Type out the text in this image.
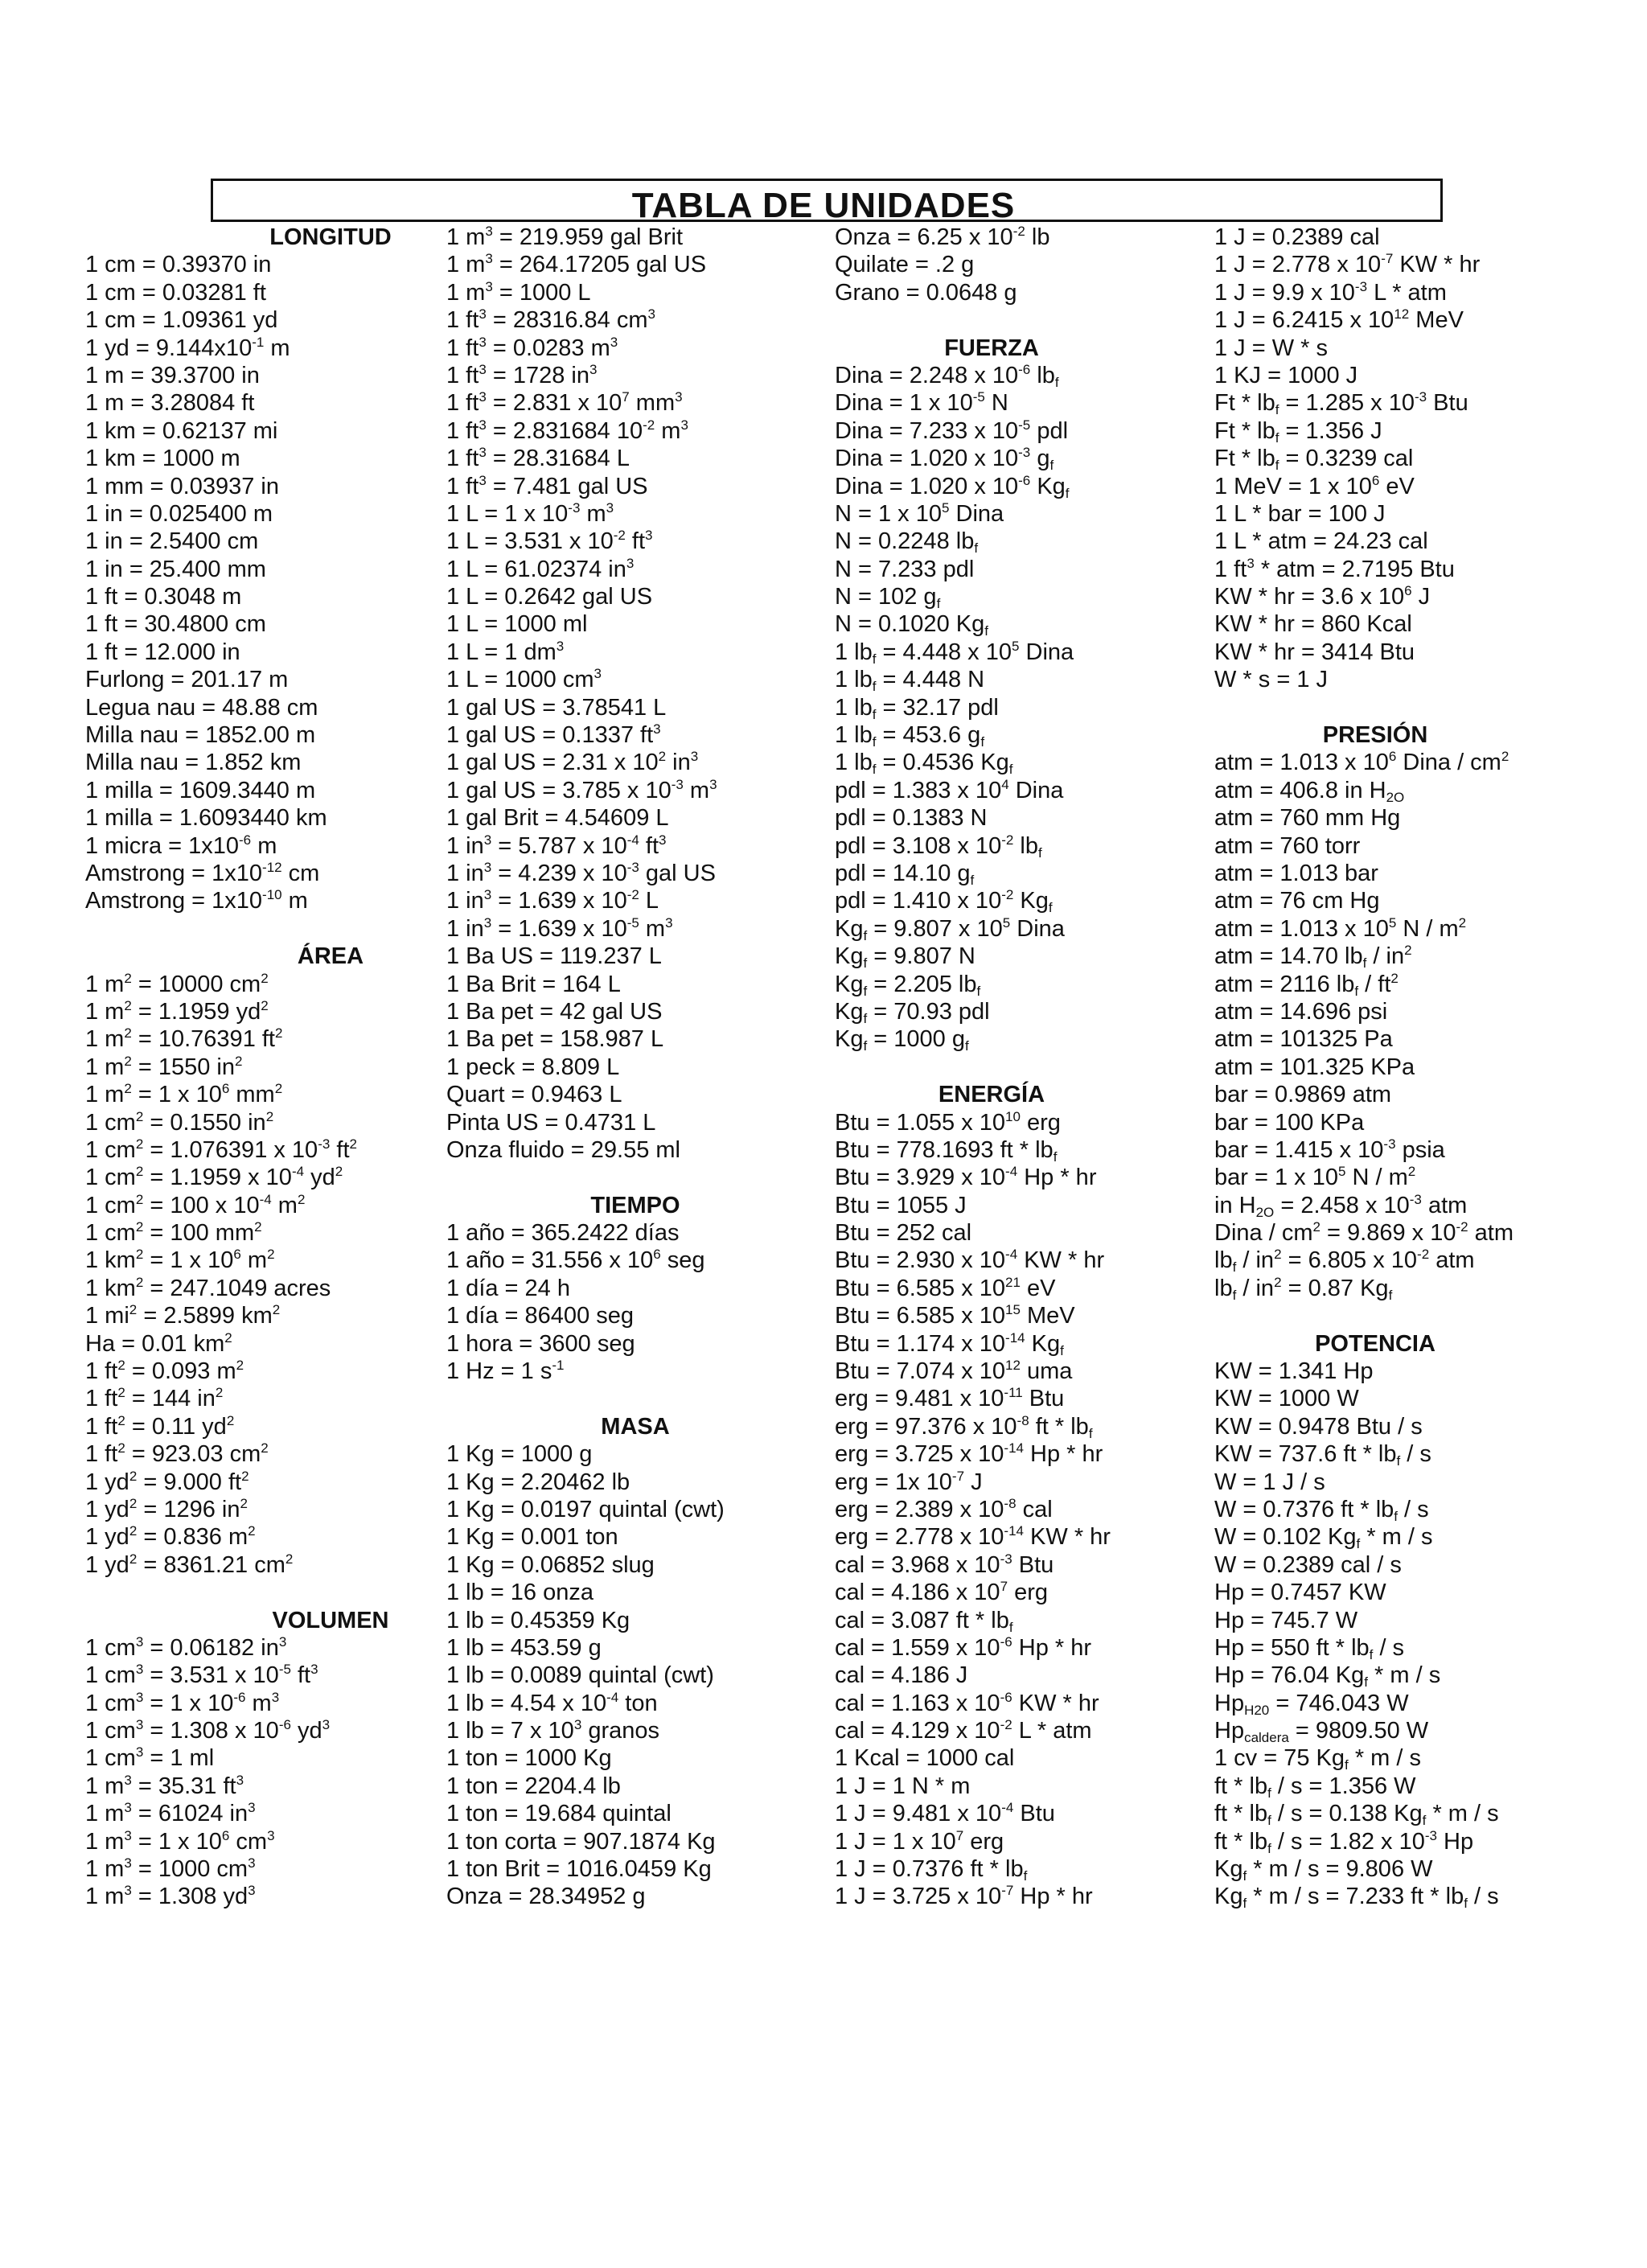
TABLA DE UNIDADES
LONGITUD
1 cm = 0.39370 in
1 cm = 0.03281 ft
1 cm = 1.09361 yd
1 yd = $9.144x10^{-1}$ m
1 m = 39.3700 in
1 m = 3.28084 ft
1 km = 0.62137 mi
1 km = 1000 m
1 mm = 0.03937 in
1 in = 0.025400 m
1 in = 2.5400 cm
1 in = 25.400 mm
1 ft = 0.3048 m
1 ft = 30.4800 cm
1 ft = 12.000 in
Furlong = 201.17 m
Legua nau = 48.88 cm
Milla nau = 1852.00 m
Milla nau = 1.852 km
1 milla = 1609.3440 m
1 milla = 1.6093440 km
1 micra = $1x10^{-6}$ m
Amstrong = $1x10^{-12}$ cm
Amstrong = $1x10^{-10}$ m
ÁREA
1 $m^2 = 10000$ $cm^2$
1 $m^2 = 1.1959$ $yd^2$
1 $m^2 = 10.76391$ $ft^2$
1 $m^2 = 1550$ $in^2$
1 $m^2 = 1$ x $10^6$ $mm^2$
1 $cm^2 = 0.1550$ $in^2$
1 $cm^2 = 1.076391$ x $10^{-3}$ $ft^2$
1 $cm^2 = 1.1959$ x $10^{-4}$ $yd^2$
1 $cm^2 = 100$ x $10^{-4}$ $m^2$
1 $cm^2 = 100$ $mm^2$
1 $km^2 = 1$ x $10^6$ $m^2$
1 $km^2 = 247.1049$ acres
1 $mi^2 = 2.5899$ $km^2$
Ha = 0.01 $km^2$
1 $ft^2 = 0.093$ $m^2$
1 $ft^2 = 144$ $in^2$
1 $ft^2 = 0.11$ $yd^2$
1 $ft^2 = 923.03$ $cm^2$
1 $yd^2 = 9.000$ $ft^2$
1 $yd^2 = 1296$ $in^2$
1 $yd^2 = 0.836$ $m^2$
1 $yd^2 = 8361.21$ $cm^2$
VOLUMEN
1 $cm^3 = 0.06182$ $in^3$
1 $cm^3 = 3.531$ x $10^{-5}$ $ft^3$
1 $cm^3 = 1$ x $10^{-6}$ $m^3$
1 $cm^3 = 1.308$ x $10^{-6}$ $yd^3$
1 $cm^3 = 1$ ml
1 $m^3 = 35.31$ $ft^3$
1 $m^3 = 61024$ $in^3$
1 $m^3 = 1$ x $10^6$ $cm^3$
1 $m^3 = 1000$ $cm^3$
1 $m^3 = 1.308$ $yd^3$
1 $m^3 = 219.959$ gal Brit
1 $m^3 = 264.17205$ gal US
1 $m^3 = 1000$ L
1 $ft^3 = 28316.84$ $cm^3$
1 $ft^3 = 0.0283$ $m^3$
1 $ft^3 = 1728$ $in^3$
1 $ft^3 = 2.831$ x $10^7$ $mm^3$
1 $ft^3 = 2.831684$ $10^{-2}$ $m^3$
1 $ft^3 = 28.31684$ L
1 $ft^3 = 7.481$ gal US
1 L = 1 x $10^{-3}$ $m^3$
1 L = 3.531 x $10^{-2}$ $ft^3$
1 L = 61.02374 $in^3$
1 L = 0.2642 gal US
1 L = 1000 ml
1 L = 1 $dm^3$
1 L = 1000 $cm^3$
1 gal US = 3.78541 L
1 gal US = 0.1337 $ft^3$
1 gal US = 2.31 x $10^2$ $in^3$
1 gal US = 3.785 x $10^{-3}$ $m^3$
1 gal Brit = 4.54609 L
1 $in^3 = 5.787$ x $10^{-4}$ $ft^3$
1 $in^3 = 4.239$ x $10^{-3}$ gal US
1 $in^3 = 1.639$ x $10^{-2}$ L
1 $in^3 = 1.639$ x $10^{-5}$ $m^3$
1 Ba US = 119.237 L
1 Ba Brit = 164 L
1 Ba pet = 42 gal US
1 Ba pet = 158.987 L
1 peck = 8.809 L
Quart = 0.9463 L
Pinta US = 0.4731 L
Onza fluido = 29.55 ml
TIEMPO
1 año = 365.2422 días
1 año = 31.556 x $10^6$ seg
1 día = 24 h
1 día = 86400 seg
1 hora = 3600 seg
1 Hz = 1 $s^{-1}$
MASA
1 Kg = 1000 g
1 Kg = 2.20462 lb
1 Kg = 0.0197 quintal (cwt)
1 Kg = 0.001 ton
1 Kg = 0.06852 slug
1 lb = 16 onza
1 lb = 0.45359 Kg
1 lb = 453.59 g
1 lb = 0.0089 quintal (cwt)
1 lb = 4.54 x $10^{-4}$ ton
1 lb = 7 x $10^3$ granos
1 ton = 1000 Kg
1 ton = 2204.4 lb
1 ton = 19.684 quintal
1 ton corta = 907.1874 Kg
1 ton Brit = 1016.0459 Kg
Onza = 28.34952 g
Onza = 6.25 x $10^{-2}$ lb
Quilate = .2 g
Grano = 0.0648 g
FUERZA
Dina = 2.248 x $10^{-6}$ $lb_f$
Dina = 1 x $10^{-5}$ N
Dina = 7.233 x $10^{-5}$ pdl
Dina = 1.020 x $10^{-3}$ $g_f$
Dina = 1.020 x $10^{-6}$ $Kg_f$
N = 1 x $10^5$ Dina
N = 0.2248 $lb_f$
N = 7.233 pdl
N = 102 $g_f$
N = 0.1020 $Kg_f$
1 $lb_f = 4.448$ x $10^5$ Dina
1 $lb_f = 4.448$ N
1 $lb_f = 32.17$ pdl
1 $lb_f = 453.6$ $g_f$
1 $lb_f = 0.4536$ $Kg_f$
pdl = 1.383 x $10^4$ Dina
pdl = 0.1383 N
pdl = 3.108 x $10^{-2}$ $lb_f$
pdl = 14.10 $g_f$
pdl = 1.410 x $10^{-2}$ $Kg_f$
$Kg_f = 9.807$ x $10^5$ Dina
$Kg_f = 9.807$ N
$Kg_f = 2.205$ $lb_f$
$Kg_f = 70.93$ pdl
$Kg_f = 1000$ $g_f$
ENERGÍA
Btu = 1.055 x $10^{10}$ erg
Btu = 778.1693 ft * $lb_f$
Btu = 3.929 x $10^{-4}$ Hp * hr
Btu = 1055 J
Btu = 252 cal
Btu = 2.930 x $10^{-4}$ KW * hr
Btu = 6.585 x $10^{21}$ eV
Btu = 6.585 x $10^{15}$ MeV
Btu = 1.174 x $10^{-14}$ $Kg_f$
Btu = 7.074 x $10^{12}$ uma
erg = 9.481 x $10^{-11}$ Btu
erg = 97.376 x $10^{-8}$ ft * $lb_f$
erg = 3.725 x $10^{-14}$ Hp * hr
erg = 1x $10^{-7}$ J
erg = 2.389 x $10^{-8}$ cal
erg = 2.778 x $10^{-14}$ KW * hr
cal = 3.968 x $10^{-3}$ Btu
cal = 4.186 x $10^7$ erg
cal = 3.087 ft * $lb_f$
cal = 1.559 x $10^{-6}$ Hp * hr
cal = 4.186 J
cal = 1.163 x $10^{-6}$ KW * hr
cal = 4.129 x $10^{-2}$ L * atm
1 Kcal = 1000 cal
1 J = 1 N * m
1 J = 9.481 x $10^{-4}$ Btu
1 J = 1 x $10^7$ erg
1 J = 0.7376 ft * $lb_f$
1 J = 3.725 x $10^{-7}$ Hp * hr
1 J = 0.2389 cal
1 J = 2.778 x $10^{-7}$ KW * hr
1 J = 9.9 x $10^{-3}$ L * atm
1 J = 6.2415 x $10^{12}$ MeV
1 J = W * s
1 KJ = 1000 J
$Ft * lb_f = 1.285$ x $10^{-3}$ Btu
$Ft * lb_f = 1.356$ J
$Ft * lb_f = 0.3239$ cal
1 MeV = 1 x $10^6$ eV
1 L * bar = 100 J
1 L * atm = 24.23 cal
1 $ft^3$ * atm = 2.7195 Btu
KW * hr = 3.6 x $10^6$ J
KW * hr = 860 Kcal
KW * hr = 3414 Btu
W * s = 1 J
PRESIÓN
atm = 1.013 x $10^6$ Dina / $cm^2$
atm = 406.8 in $H_{2O}$
atm = 760 mm Hg
atm = 760 torr
atm = 1.013 bar
atm = 76 cm Hg
atm = 1.013 x $10^5$ N / $m^2$
atm = 14.70 $lb_f / in^2$
atm = 2116 $lb_f / ft^2$
atm = 14.696 psi
atm = 101325 Pa
atm = 101.325 KPa
bar = 0.9869 atm
bar = 100 KPa
bar = 1.415 x $10^{-3}$ psia
bar = 1 x $10^5$ N / $m^2$
in $H_{2O} = 2.458$ x $10^{-3}$ atm
Dina / $cm^2 = 9.869$ x $10^{-2}$ atm
$lb_f / in^2 = 6.805$ x $10^{-2}$ atm
$lb_f / in^2 = 0.87$ $Kg_f$
POTENCIA
KW = 1.341 Hp
KW = 1000 W
KW = 0.9478 Btu / s
KW = 737.6 ft * $lb_f$ / s
W = 1 J / s
W = 0.7376 ft * $lb_f$ / s
W = 0.102 $Kg_f$ * m / s
W = 0.2389 cal / s
Hp = 0.7457 KW
Hp = 745.7 W
Hp = 550 ft * $lb_f$ / s
Hp = 76.04 $Kg_f$ * m / s
$Hp_{H20} = 746.043$ W
$Hp_{caldera} = 9809.50$ W
1 cv = 75 $Kg_f$ * m / s
ft * $lb_f / s = 1.356$ W
ft * $lb_f / s = 0.138$ $Kg_f$ * m / s
ft * $lb_f / s = 1.82$ x $10^{-3}$ Hp
$Kg_f * m / s = 9.806$ W
$Kg_f * m / s = 7.233$ ft * $lb_f$ / s
